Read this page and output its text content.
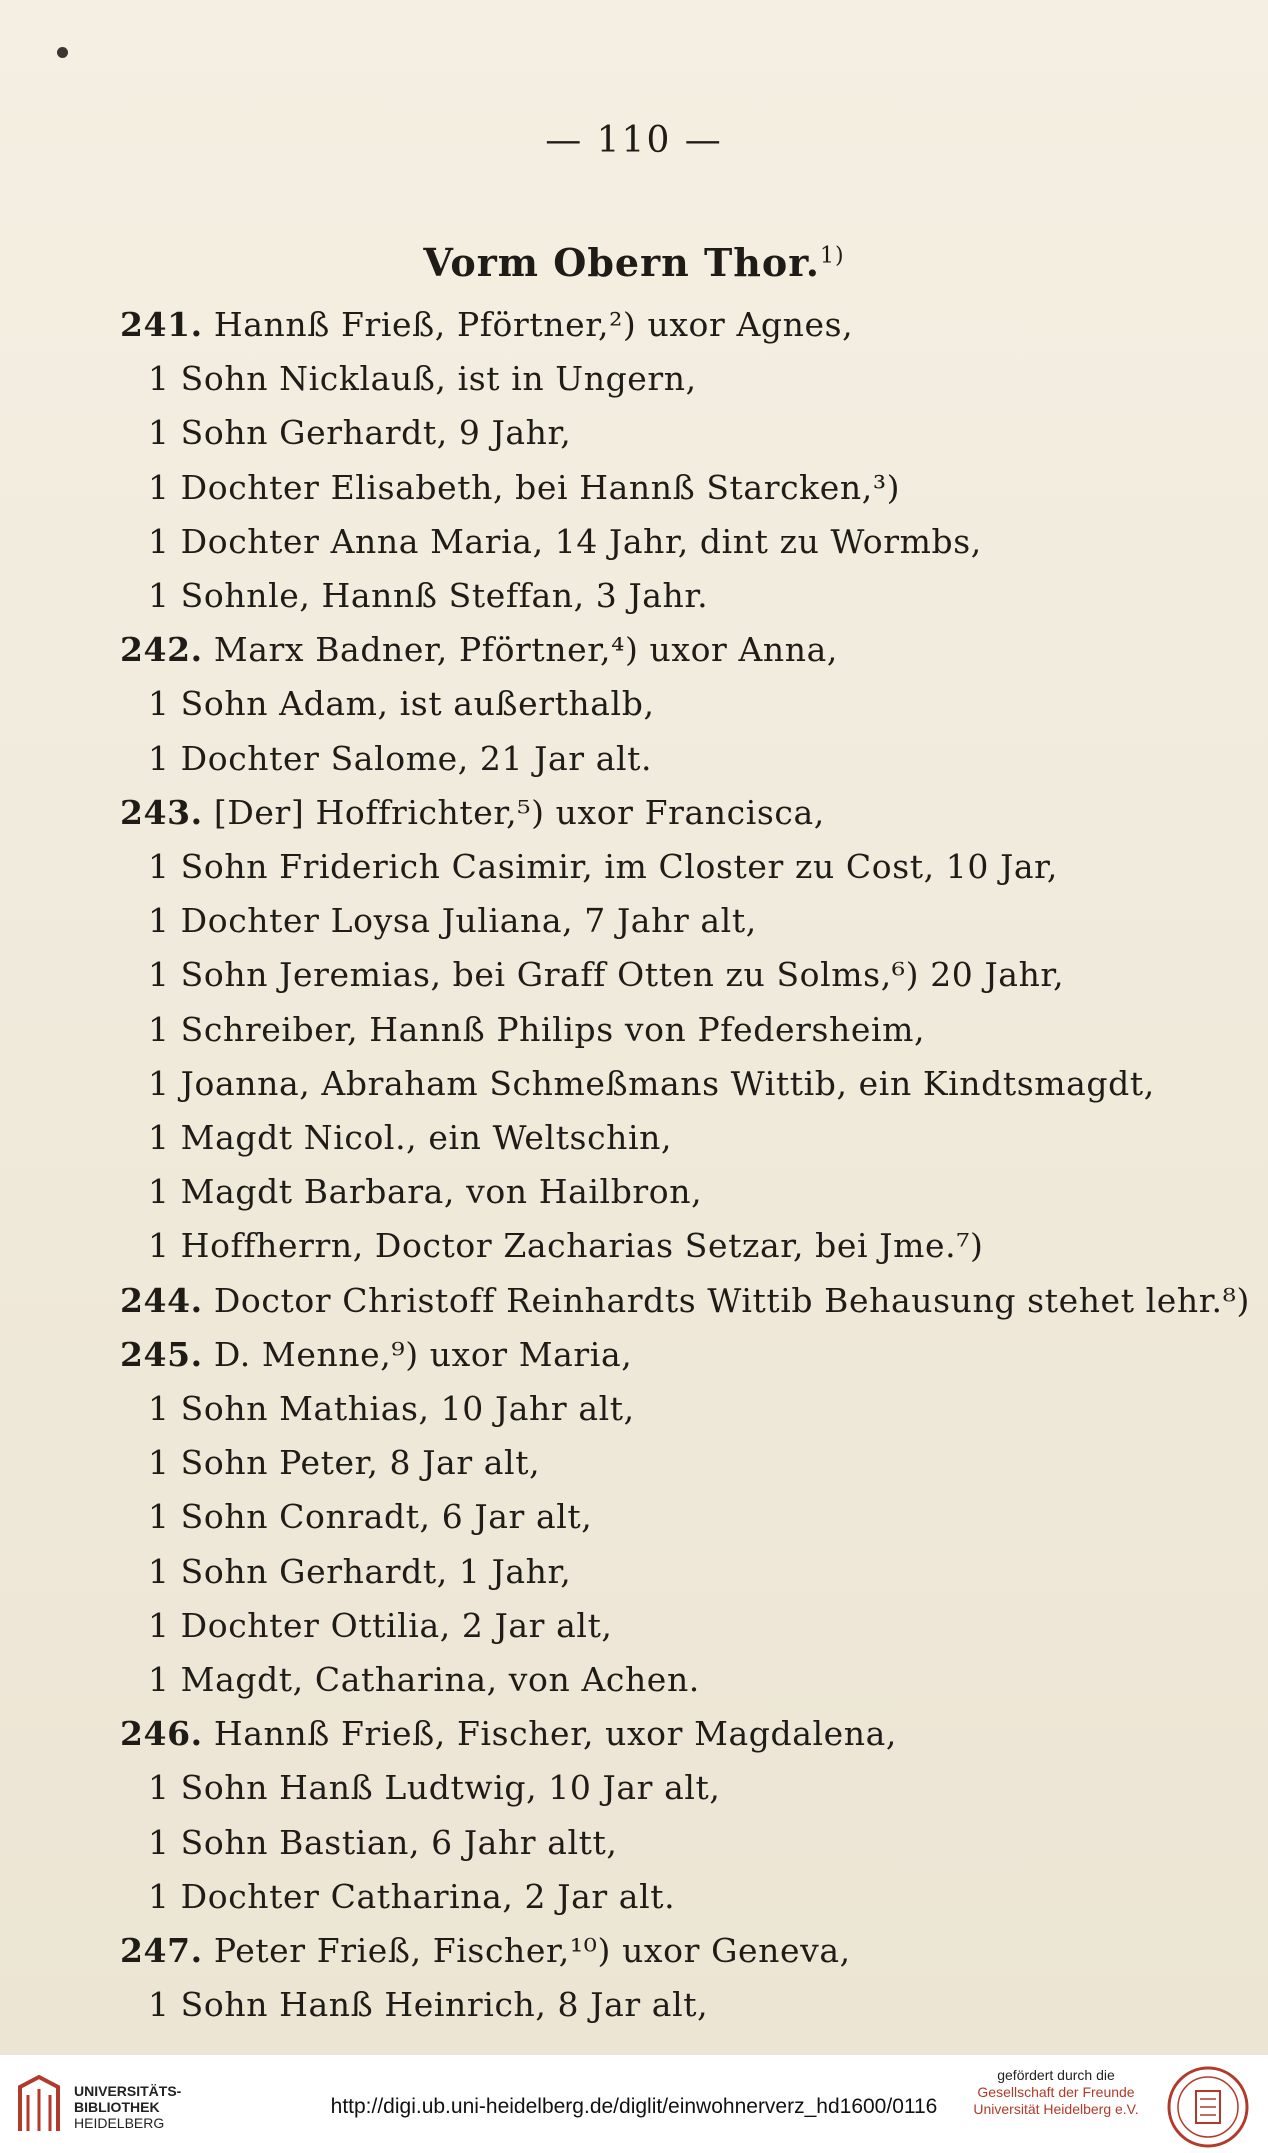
— 110 —
Vorm Obern Thor.$^{1)}$
241. Hannß Frieß, Pförtner,²) uxor Agnes,
1 Sohn Nicklauß, ist in Ungern,
1 Sohn Gerhardt, 9 Jahr,
1 Dochter Elisabeth, bei Hannß Starcken,³)
1 Dochter Anna Maria, 14 Jahr, dint zu Wormbs,
1 Sohnle, Hannß Steffan, 3 Jahr.
242. Marx Badner, Pförtner,⁴) uxor Anna,
1 Sohn Adam, ist außerthalb,
1 Dochter Salome, 21 Jar alt.
243. [Der] Hoffrichter,⁵) uxor Francisca,
1 Sohn Friderich Casimir, im Closter zu Cost, 10 Jar,
1 Dochter Loysa Juliana, 7 Jahr alt,
1 Sohn Jeremias, bei Graff Otten zu Solms,⁶) 20 Jahr,
1 Schreiber, Hannß Philips von Pfedersheim,
1 Joanna, Abraham Schmeßmans Wittib, ein Kindtsmagdt,
1 Magdt Nicol., ein Weltschin,
1 Magdt Barbara, von Hailbron,
1 Hoffherrn, Doctor Zacharias Setzar, bei Jme.⁷)
244. Doctor Christoff Reinhardts Wittib Behausung stehet lehr.⁸)
245. D. Menne,⁹) uxor Maria,
1 Sohn Mathias, 10 Jahr alt,
1 Sohn Peter, 8 Jar alt,
1 Sohn Conradt, 6 Jar alt,
1 Sohn Gerhardt, 1 Jahr,
1 Dochter Ottilia, 2 Jar alt,
1 Magdt, Catharina, von Achen.
246. Hannß Frieß, Fischer, uxor Magdalena,
1 Sohn Hanß Ludtwig, 10 Jar alt,
1 Sohn Bastian, 6 Jahr altt,
1 Dochter Catharina, 2 Jar alt.
247. Peter Frieß, Fischer,¹⁰) uxor Geneva,
1 Sohn Hanß Heinrich, 8 Jar alt,
UNIVERSITÄTS-
BIBLIOTHEK
HEIDELBERG
http://digi.ub.uni-heidelberg.de/diglit/einwohnerverz_hd1600/0116
gefördert durch die
Gesellschaft der Freunde
Universität Heidelberg e.V.
